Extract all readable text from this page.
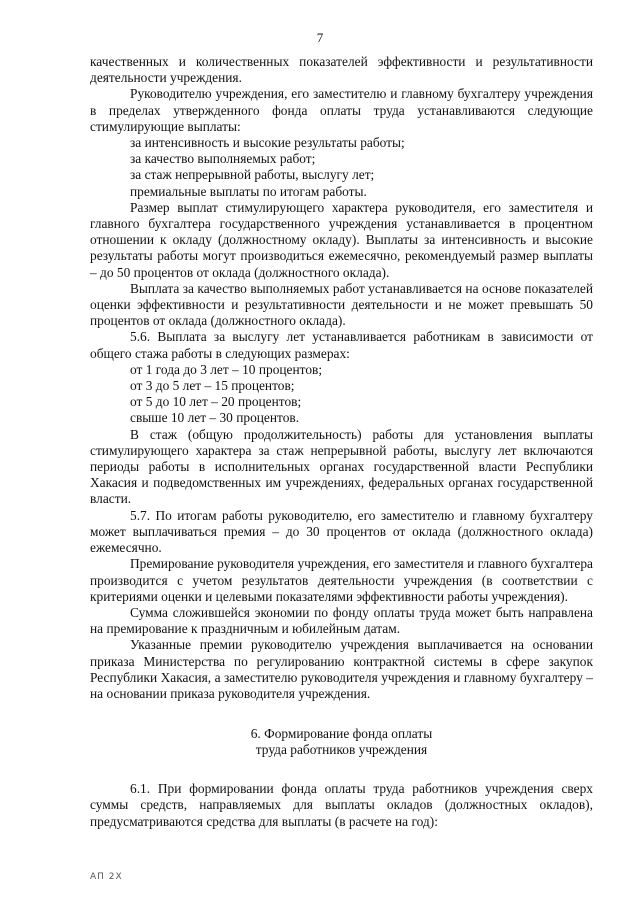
7

качественных и количественных показателей эффективности и результативности деятельности учреждения.

Руководителю учреждения, его заместителю и главному бухгалтеру учреждения в пределах утвержденного фонда оплаты труда устанавливаются следующие стимулирующие выплаты:

за интенсивность и высокие результаты работы;

за качество выполняемых работ;

за стаж непрерывной работы, выслугу лет;

премиальные выплаты по итогам работы.

Размер выплат стимулирующего характера руководителя, его заместителя и главного бухгалтера государственного учреждения устанавливается в процентном отношении к окладу (должностному окладу). Выплаты за интенсивность и высокие результаты работы могут производиться ежемесячно, рекомендуемый размер выплаты – до 50 процентов от оклада (должностного оклада).

Выплата за качество выполняемых работ устанавливается на основе показателей оценки эффективности и результативности деятельности и не может превышать 50 процентов от оклада (должностного оклада).

5.6. Выплата за выслугу лет устанавливается работникам в зависимости от общего стажа работы в следующих размерах:

от 1 года до 3 лет – 10 процентов;

от 3 до 5 лет – 15 процентов;

от 5 до 10 лет – 20 процентов;

свыше 10 лет – 30 процентов.

В стаж (общую продолжительность) работы для установления выплаты стимулирующего характера за стаж непрерывной работы, выслугу лет включаются периоды работы в исполнительных органах государственной власти Республики Хакасия и подведомственных им учреждениях, федеральных органах государственной власти.

5.7. По итогам работы руководителю, его заместителю и главному бухгалтеру может выплачиваться премия – до 30 процентов от оклада (должностного оклада) ежемесячно.

Премирование руководителя учреждения, его заместителя и главного бухгалтера производится с учетом результатов деятельности учреждения (в соответствии с критериями оценки и целевыми показателями эффективности работы учреждения).

Сумма сложившейся экономии по фонду оплаты труда может быть направлена на премирование к праздничным и юбилейным датам.

Указанные премии руководителю учреждения выплачивается на основании приказа Министерства по регулированию контрактной системы в сфере закупок Республики Хакасия, а заместителю руководителя учреждения и главному бухгалтеру – на основании приказа руководителя учреждения.

6. Формирование фонда оплаты
труда работников учреждения

6.1. При формировании фонда оплаты труда работников учреждения сверх суммы средств, направляемых для выплаты окладов (должностных окладов), предусматриваются средства для выплаты (в расчете на год):

АП 2Х
